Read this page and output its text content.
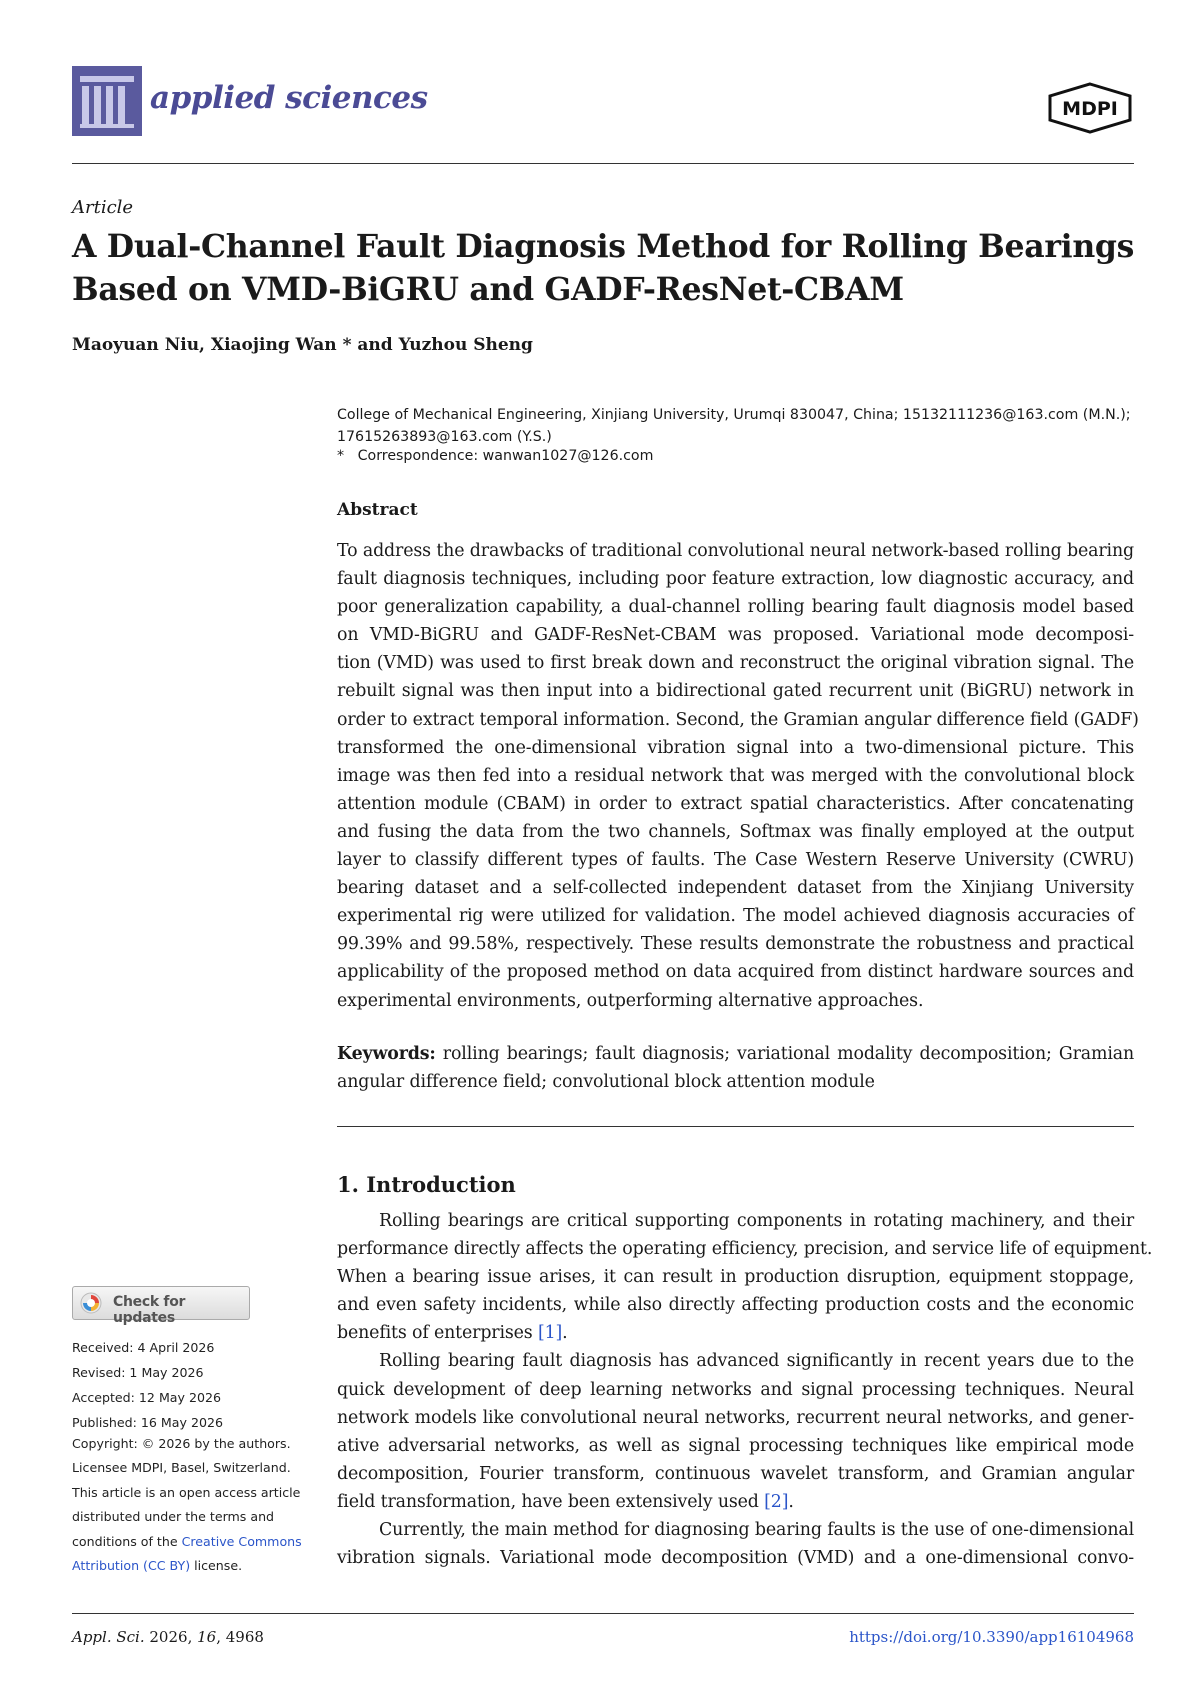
applied sciences	MDPI
Article
A Dual-Channel Fault Diagnosis Method for Rolling Bearings
Based on VMD-BiGRU and GADF-ResNet-CBAM
Maoyuan Niu, Xiaojing Wan * and Yuzhou Sheng
College of Mechanical Engineering, Xinjiang University, Urumqi 830047, China; 15132111236@163.com (M.N.);
17615263893@163.com (Y.S.)
*   Correspondence: wanwan1027@126.com
Abstract
To address the drawbacks of traditional convolutional neural network-based rolling bearing
fault diagnosis techniques, including poor feature extraction, low diagnostic accuracy, and
poor generalization capability, a dual-channel rolling bearing fault diagnosis model based
on VMD-BiGRU and GADF-ResNet-CBAM was proposed. Variational mode decomposi-
tion (VMD) was used to first break down and reconstruct the original vibration signal. The
rebuilt signal was then input into a bidirectional gated recurrent unit (BiGRU) network in
order to extract temporal information. Second, the Gramian angular difference field (GADF)
transformed the one-dimensional vibration signal into a two-dimensional picture. This
image was then fed into a residual network that was merged with the convolutional block
attention module (CBAM) in order to extract spatial characteristics. After concatenating
and fusing the data from the two channels, Softmax was finally employed at the output
layer to classify different types of faults. The Case Western Reserve University (CWRU)
bearing dataset and a self-collected independent dataset from the Xinjiang University
experimental rig were utilized for validation. The model achieved diagnosis accuracies of
99.39% and 99.58%, respectively. These results demonstrate the robustness and practical
applicability of the proposed method on data acquired from distinct hardware sources and
experimental environments, outperforming alternative approaches.
Keywords: rolling bearings; fault diagnosis; variational modality decomposition; Gramian
angular difference field; convolutional block attention module
1. Introduction
Rolling bearings are critical supporting components in rotating machinery, and their
performance directly affects the operating efficiency, precision, and service life of equipment.
When a bearing issue arises, it can result in production disruption, equipment stoppage,
and even safety incidents, while also directly affecting production costs and the economic
benefits of enterprises [1].
Rolling bearing fault diagnosis has advanced significantly in recent years due to the
quick development of deep learning networks and signal processing techniques. Neural
network models like convolutional neural networks, recurrent neural networks, and gener-
ative adversarial networks, as well as signal processing techniques like empirical mode
decomposition, Fourier transform, continuous wavelet transform, and Gramian angular
field transformation, have been extensively used [2].
Currently, the main method for diagnosing bearing faults is the use of one-dimensional
vibration signals. Variational mode decomposition (VMD) and a one-dimensional convo-
Check for updates
Received: 4 April 2026
Revised: 1 May 2026
Accepted: 12 May 2026
Published: 16 May 2026
Copyright: © 2026 by the authors.
Licensee MDPI, Basel, Switzerland.
This article is an open access article
distributed under the terms and
conditions of the Creative Commons
Attribution (CC BY) license.
Appl. Sci. 2026, 16, 4968	https://doi.org/10.3390/app16104968
